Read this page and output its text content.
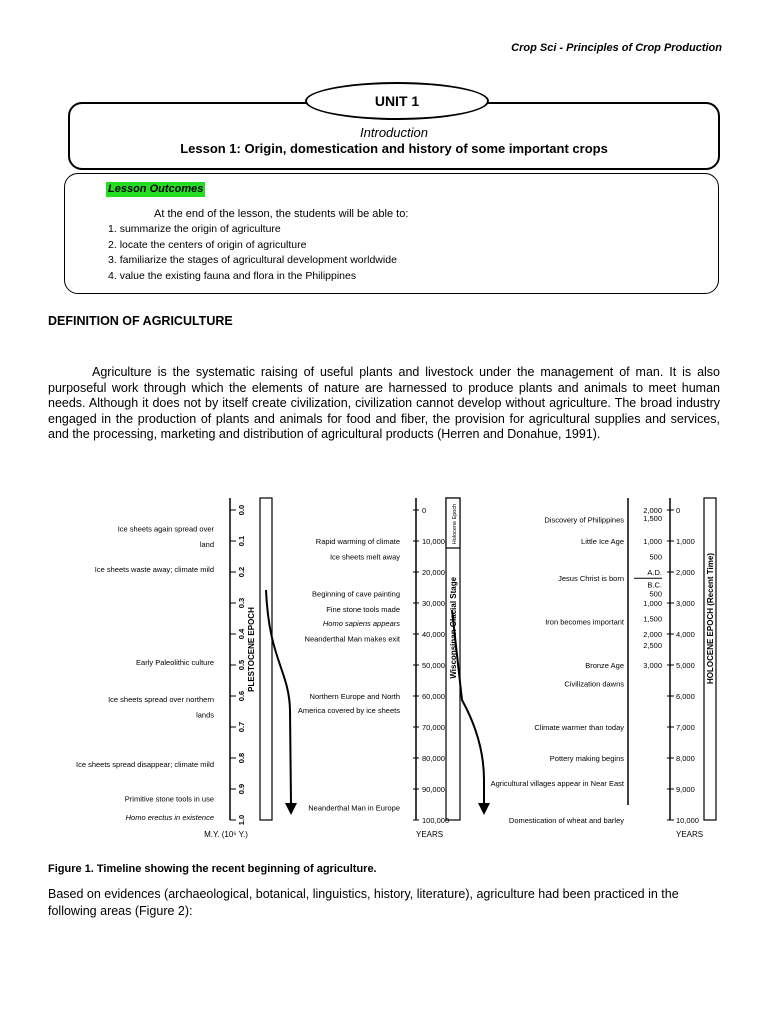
Crop Sci - Principles of Crop Production
UNIT 1
Introduction
Lesson 1: Origin, domestication and history of some important crops
Lesson Outcomes
At the end of the lesson, the students will be able to:
1. summarize the origin of agriculture
2. locate the centers of origin of agriculture
3. familiarize the stages of agricultural development worldwide
4. value the existing fauna and flora in the Philippines
DEFINITION OF AGRICULTURE

Agriculture is the systematic raising of useful plants and livestock under the management of man. It is also purposeful work through which the elements of nature are harnessed to produce plants and animals to meet human needs. Although it does not by itself create civilization, civilization cannot develop without agriculture. The broad industry engaged in the production of plants and animals for food and fiber, the provision for agricultural supplies and services, and the processing, marketing and distribution of agricultural products (Herren and Donahue, 1991).

0.0
0.1
0.2
0.3
0.4
0.5
0.6
0.7
0.8
0.9
1.0
M.Y. (10⁶ Y.)
PLESTOCENE EPOCH
Ice sheets again spread over
land
Ice sheets waste away; climate mild
Early Paleolithic culture
Ice sheets spread over northern
lands
Ice sheets spread disappear; climate mild
Primitive stone tools in use
Homo erectus in existence
Holocene Epoch
0
10,000
20,000
30,000
40,000
50,000
60,000
70,000
80,000
90,000
100,000
YEARS
Wisconsinan Glacial Stage
Rapid warming of climate
Ice sheets melt away
Beginning of cave painting
Fine stone tools made
Homo sapiens appears
Neanderthal Man makes exit
Northern Europe and North
America covered by ice sheets
Neanderthal Man in Europe
0
1,000
2,000
3,000
4,000
5,000
6,000
7,000
8,000
9,000
10,000
YEARS
HOLOCENE EPOCH (Recent Time)
2,000
1,500
1,000
500
A.D.
B.C.
500
1,000
1,500
2,000
2,500
3,000
Discovery of Philippines
Little Ice Age
Jesus Christ is born
Iron becomes important
Bronze Age
Civilization dawns
Climate warmer than today
Pottery making begins
Agricultural villages appear in Near East
Domestication of wheat and barley
Figure 1. Timeline showing the recent beginning of agriculture.

Based on evidences (archaeological, botanical, linguistics, history, literature), agriculture had been practiced in the following areas (Figure 2):
